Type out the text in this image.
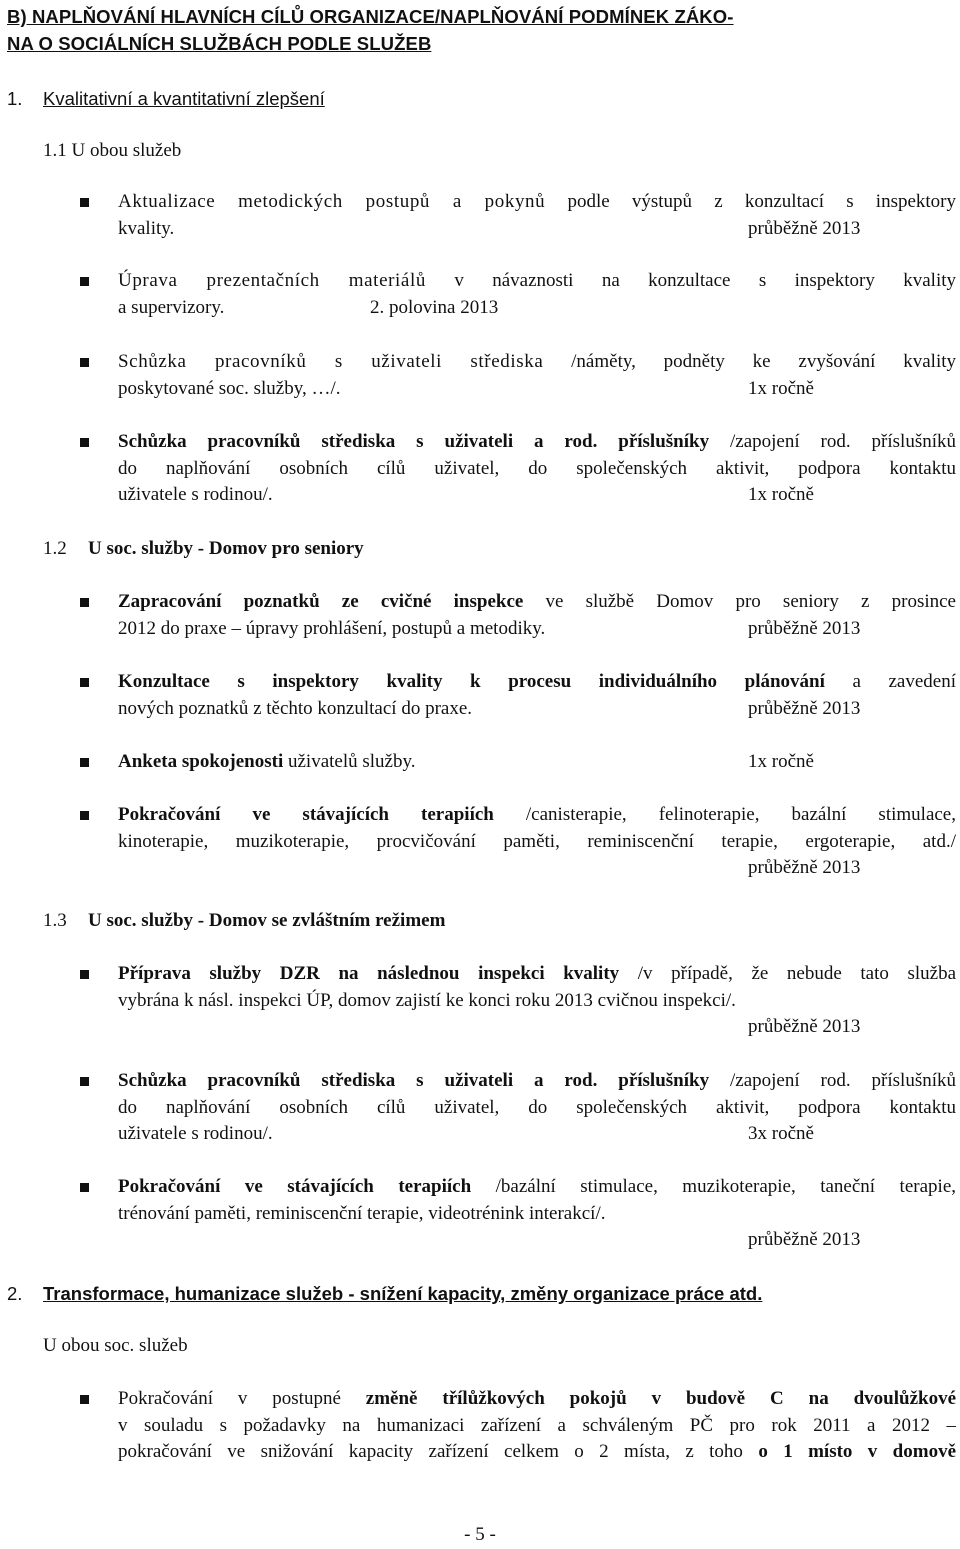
B) NAPLŇOVÁNÍ HLAVNÍCH CÍLŮ ORGANIZACE/NAPLŇOVÁNÍ PODMÍNEK ZÁKO-
NA O SOCIÁLNÍCH SLUŽBÁCH PODLE SLUŽEB
1. Kvalitativní a kvantitativní zlepšení
1.1 U obou služeb
Aktualizace metodických postupů a pokynů podle výstupů z konzultací s inspektory
kvality.	průběžně 2013
Úprava prezentačních materiálů v návaznosti na konzultace s inspektory kvality
a supervizory.	2. polovina 2013
Schůzka pracovníků s uživateli střediska /náměty, podněty ke zvyšování kvality
poskytované soc. služby, …/.	1x ročně
Schůzka pracovníků střediska s uživateli a rod. příslušníky /zapojení rod. příslušníků
do naplňování osobních cílů uživatel, do společenských aktivit, podpora kontaktu
uživatele s rodinou/.	1x ročně
1.2 U soc. služby - Domov pro seniory
Zapracování poznatků ze cvičné inspekce ve službě Domov pro seniory z prosince
2012 do praxe – úpravy prohlášení, postupů a metodiky.	průběžně 2013
Konzultace s inspektory kvality k procesu individuálního plánování a zavedení
nových poznatků z těchto konzultací do praxe.	průběžně 2013
Anketa spokojenosti uživatelů služby.	1x ročně
Pokračování ve stávajících terapiích /canisterapie, felinoterapie, bazální stimulace,
kinoterapie, muzikoterapie, procvičování paměti, reminiscenční terapie, ergoterapie, atd./
průběžně 2013
1.3 U soc. služby - Domov se zvláštním režimem
Příprava služby DZR na následnou inspekci kvality /v případě, že nebude tato služba
vybrána k násl. inspekci ÚP, domov zajistí ke konci roku 2013 cvičnou inspekci/.
průběžně 2013
Schůzka pracovníků střediska s uživateli a rod. příslušníky /zapojení rod. příslušníků
do naplňování osobních cílů uživatel, do společenských aktivit, podpora kontaktu
uživatele s rodinou/.	3x ročně
Pokračování ve stávajících terapiích /bazální stimulace, muzikoterapie, taneční terapie,
trénování paměti, reminiscenční terapie, videotrénink interakcí/.
průběžně 2013
2. Transformace, humanizace služeb - snížení kapacity, změny organizace práce atd.
U obou soc. služeb
Pokračování v postupné změně třílůžkových pokojů v budově C na dvoulůžkové
v souladu s požadavky na humanizaci zařízení a schváleným PČ pro rok 2011 a 2012 –
pokračování ve snižování kapacity zařízení celkem o 2 místa, z toho o 1 místo v domově
- 5 -
